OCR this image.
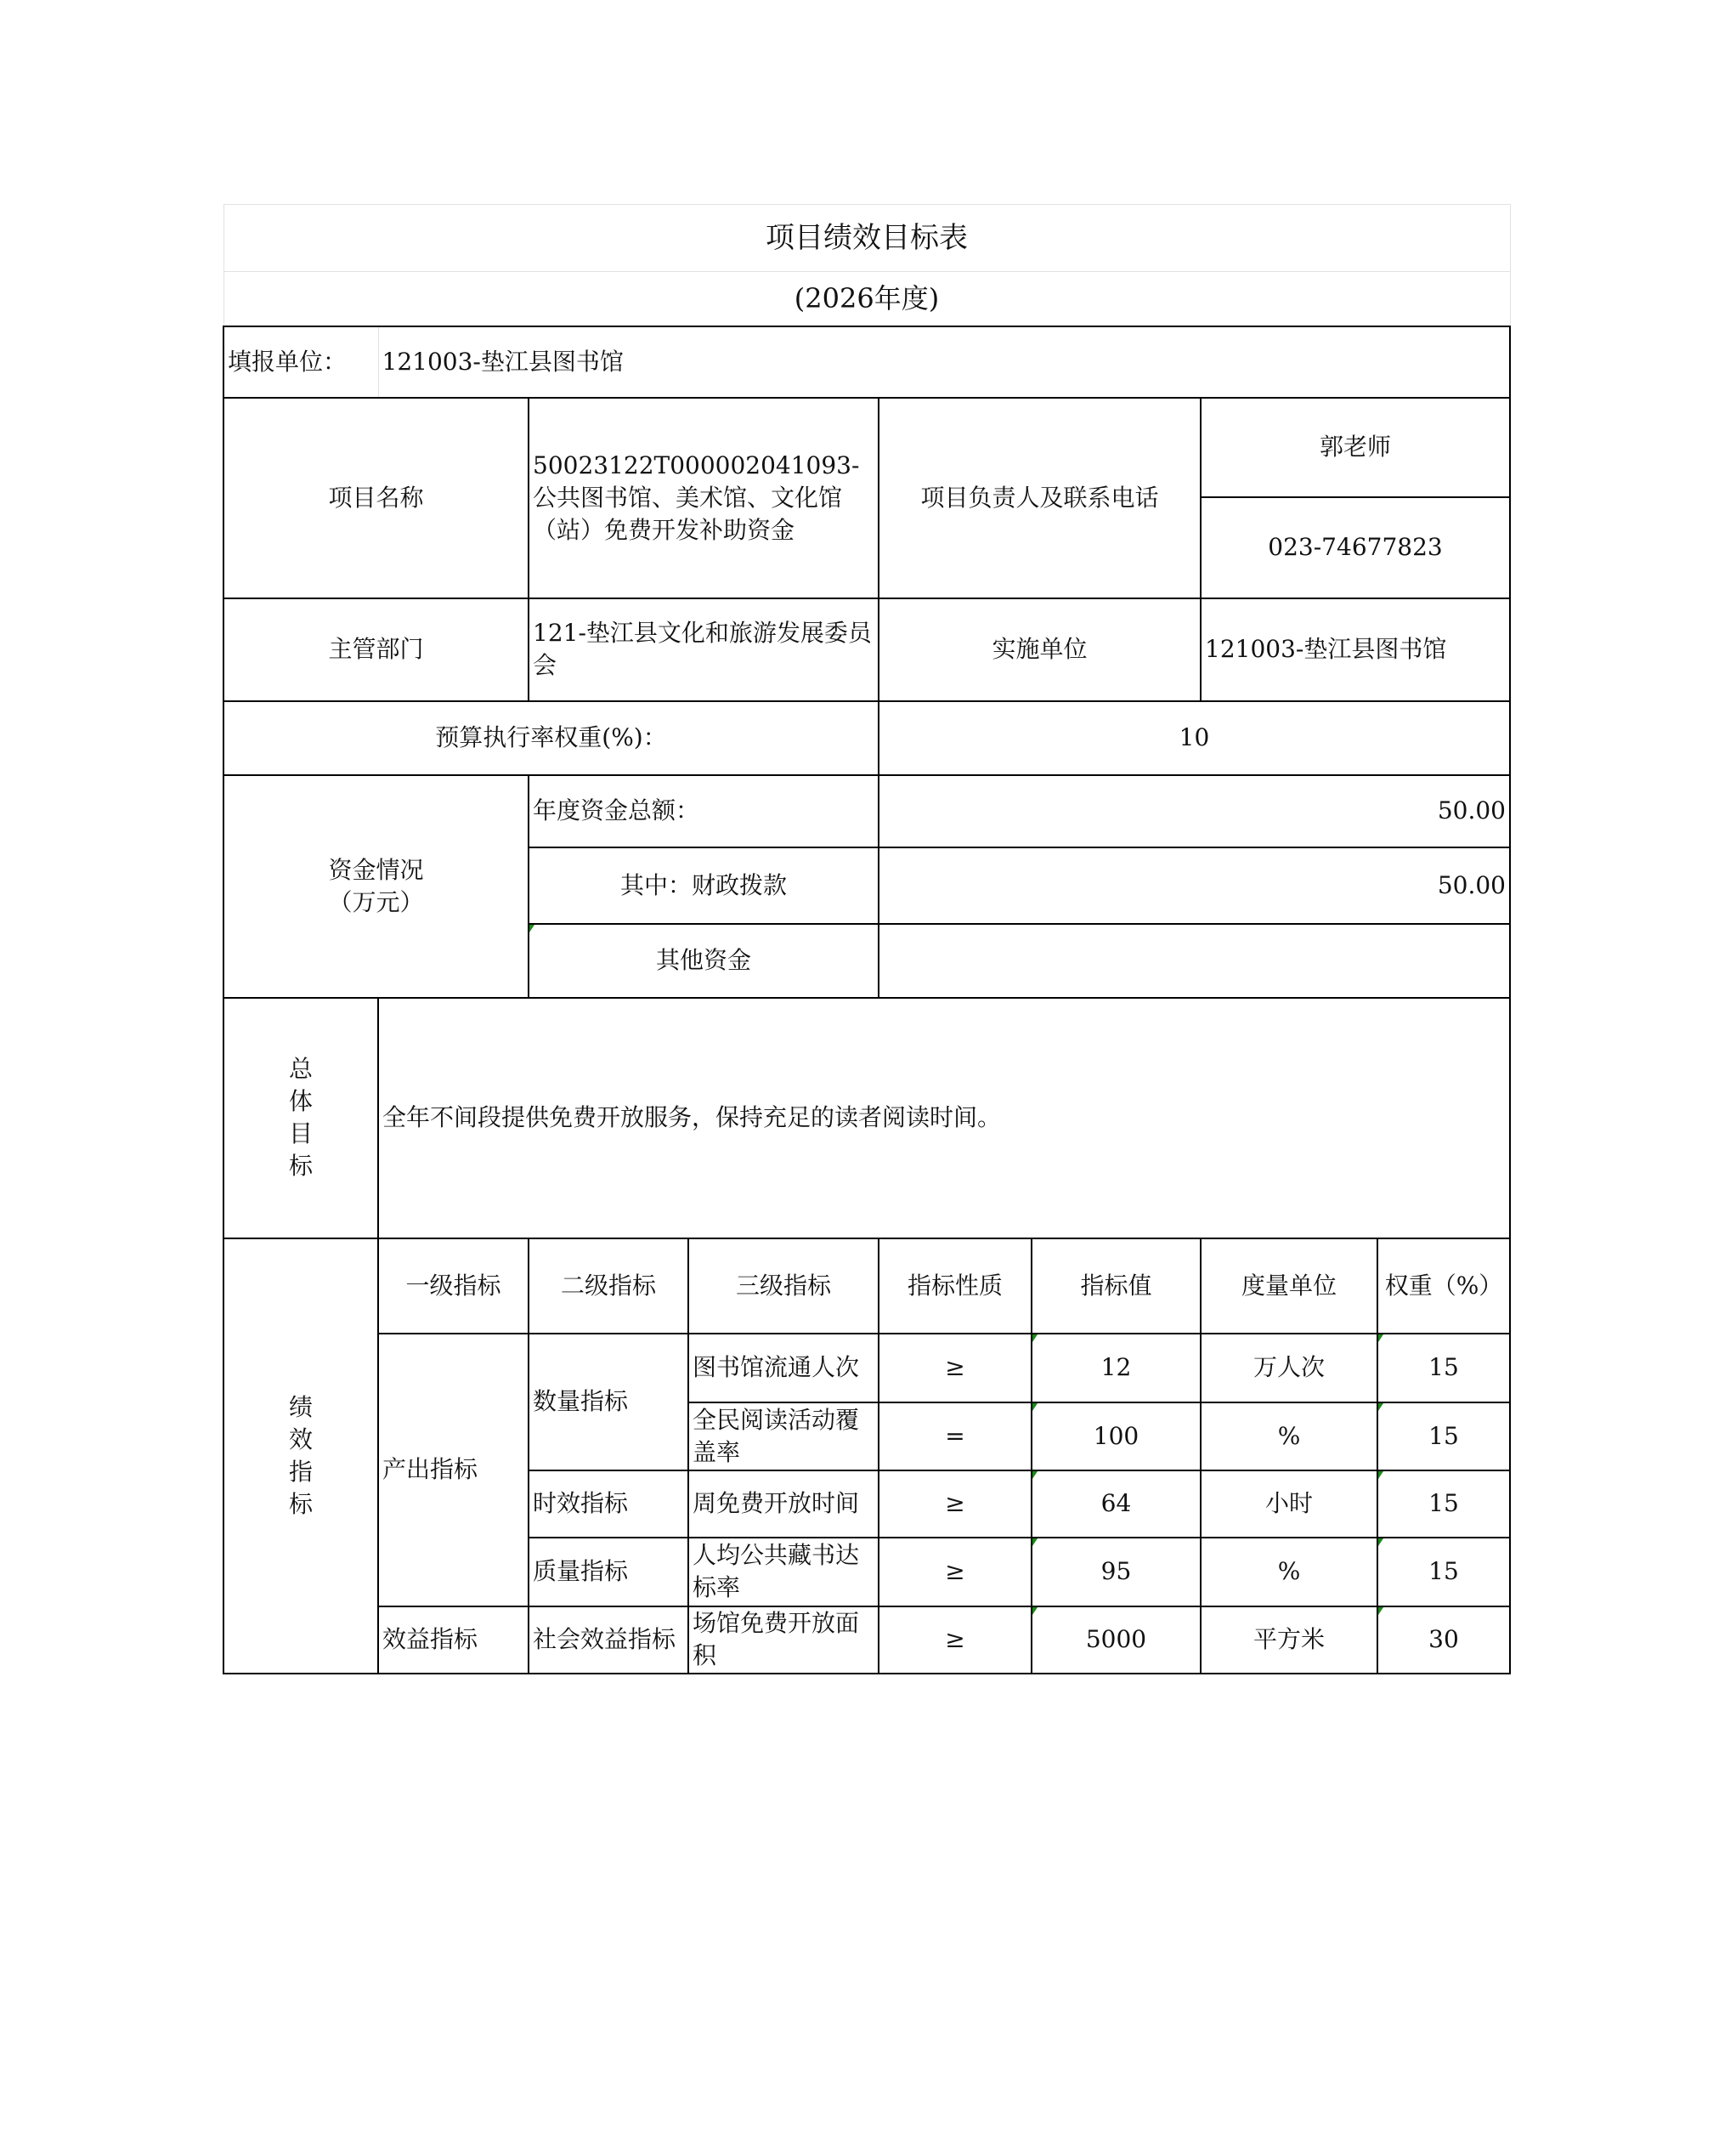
项目绩效目标表							
(2026年度)							
填报单位：	121003-垫江县图书馆						
项目名称		50023122T000002041093-公共图书馆、美术馆、文化馆（站）免费开发补助资金		项目负责人及联系电话		郭老师	
						023-74677823	
主管部门		121-垫江县文化和旅游发展委员会		实施单位		121003-垫江县图书馆	
预算执行率权重(%)：				10			
资金情况（万元）		年度资金总额：		50.00			
		其中：财政拨款		50.00			
		其他资金					
总体目标	全年不间段提供免费开放服务，保持充足的读者阅读时间。						
绩效指标	一级指标	二级指标	三级指标	指标性质	指标值	度量单位	权重（%）
	产出指标	数量指标	图书馆流通人次	≥	12	万人次	15
			全民阅读活动覆盖率	=	100	%	15
		时效指标	周免费开放时间	≥	64	小时	15
		质量指标	人均公共藏书达标率	≥	95	%	15
	效益指标	社会效益指标	场馆免费开放面积	≥	5000	平方米	30
